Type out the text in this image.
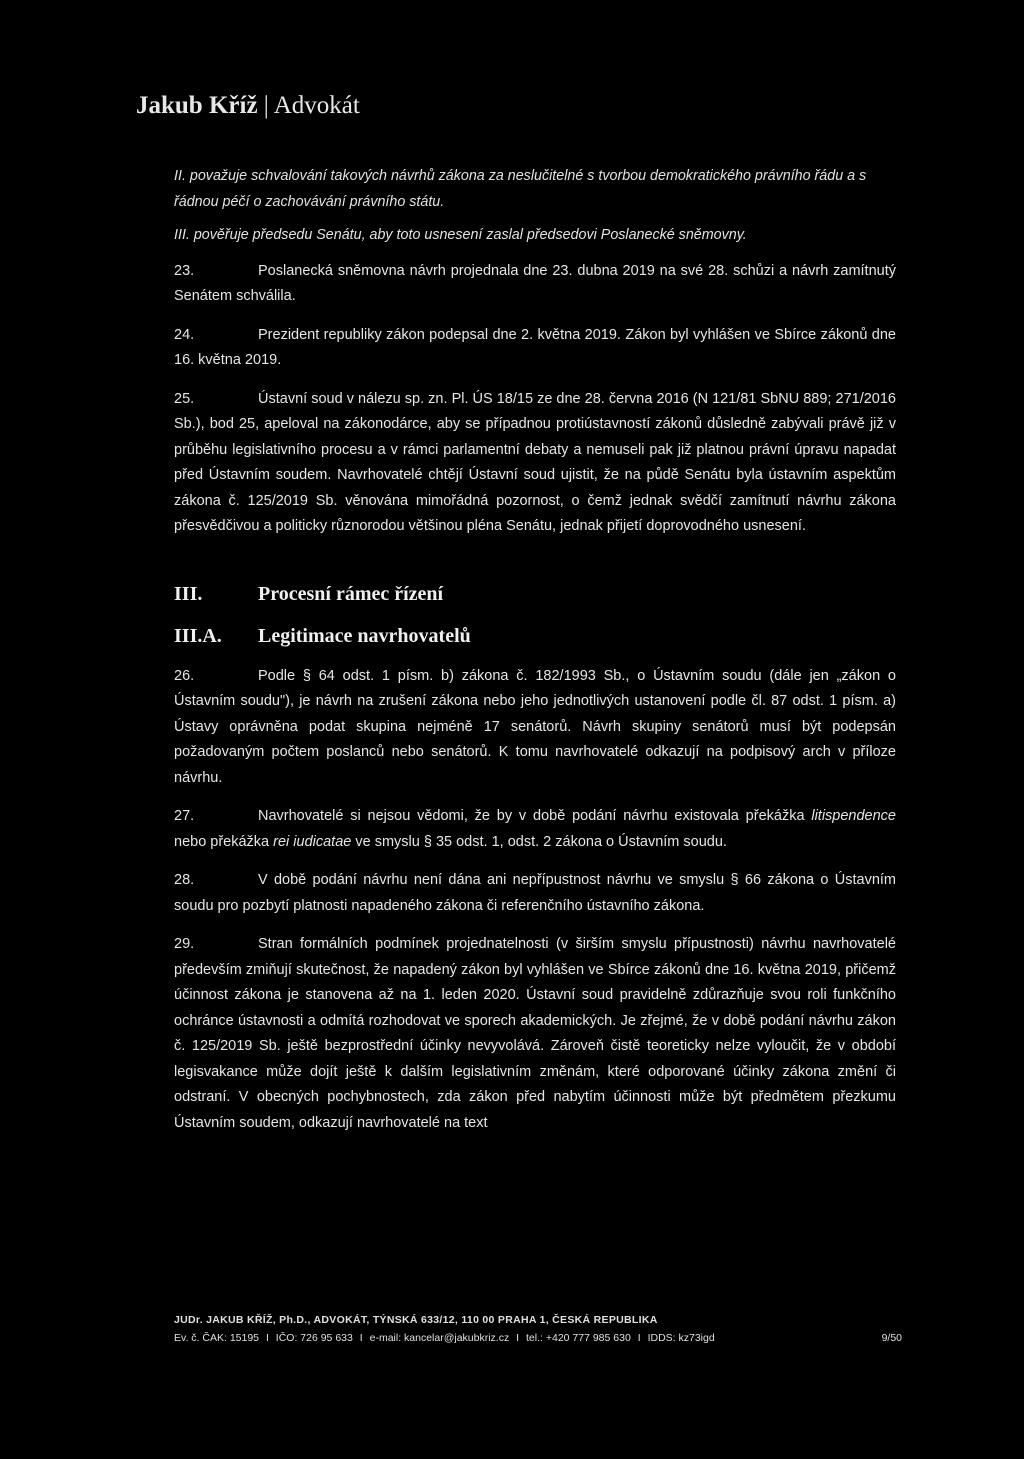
Jakub Kříž | Advokát

II. považuje schvalování takových návrhů zákona za neslučitelné s tvorbou demokratického právního řádu a s řádnou péčí o zachovávání právního státu.

III. pověřuje předsedu Senátu, aby toto usnesení zaslal předsedovi Poslanecké sněmovny.

23.	Poslanecká sněmovna návrh projednala dne 23. dubna 2019 na své 28. schůzi a návrh zamítnutý Senátem schválila.
24.	Prezident republiky zákon podepsal dne 2. května 2019. Zákon byl vyhlášen ve Sbírce zákonů dne 16. května 2019.
25.	Ústavní soud v nálezu sp. zn. Pl. ÚS 18/15 ze dne 28. června 2016 (N 121/81 SbNU 889; 271/2016 Sb.), bod 25, apeloval na zákonodárce, aby se případnou protiústavností zákonů důsledně zabývali právě již v průběhu legislativního procesu a v rámci parlamentní debaty a nemuseli pak již platnou právní úpravu napadat před Ústavním soudem. Navrhovatelé chtějí Ústavní soud ujistit, že na půdě Senátu byla ústavním aspektům zákona č. 125/2019 Sb. věnována mimořádná pozornost, o čemž jednak svědčí zamítnutí návrhu zákona přesvědčivou a politicky různorodou většinou pléna Senátu, jednak přijetí doprovodného usnesení.
III.	Procesní rámec řízení
III.A. Legitimace navrhovatelů
26.	Podle § 64 odst. 1 písm. b) zákona č. 182/1993 Sb., o Ústavním soudu (dále jen „zákon o Ústavním soudu"), je návrh na zrušení zákona nebo jeho jednotlivých ustanovení podle čl. 87 odst. 1 písm. a) Ústavy oprávněna podat skupina nejméně 17 senátorů. Návrh skupiny senátorů musí být podepsán požadovaným počtem poslanců nebo senátorů. K tomu navrhovatelé odkazují na podpisový arch v příloze návrhu.
27.	Navrhovatelé si nejsou vědomi, že by v době podání návrhu existovala překážka litispendence nebo překážka rei iudicatae ve smyslu § 35 odst. 1, odst. 2 zákona o Ústavním soudu.
28.	V době podání návrhu není dána ani nepřípustnost návrhu ve smyslu § 66 zákona o Ústavním soudu pro pozbytí platnosti napadeného zákona či referenčního ústavního zákona.
29.	Stran formálních podmínek projednatelnosti (v širším smyslu přípustnosti) návrhu navrhovatelé především zmiňují skutečnost, že napadený zákon byl vyhlášen ve Sbírce zákonů dne 16. května 2019, přičemž účinnost zákona je stanovena až na 1. leden 2020. Ústavní soud pravidelně zdůrazňuje svou roli funkčního ochránce ústavnosti a odmítá rozhodovat ve sporech akademických. Je zřejmé, že v době podání návrhu zákon č. 125/2019 Sb. ještě bezprostřední účinky nevyvolává. Zároveň čistě teoreticky nelze vyloučit, že v období legisvakance může dojít ještě k dalším legislativním změnám, které odporované účinky zákona změní či odstraní. V obecných pochybnostech, zda zákon před nabytím účinnosti může být předmětem přezkumu Ústavním soudem, odkazují navrhovatelé na text
JUDr. JAKUB KŘÍŽ, Ph.D., ADVOKÁT, TÝNSKÁ 633/12, 110 00 PRAHA 1, ČESKÁ REPUBLIKA
Ev. č. ČAK: 15195 I IČO: 726 95 633 I e-mail: kancelar@jakubkriz.cz I tel.: +420 777 985 630 I IDDS: kz73igd	9/50
